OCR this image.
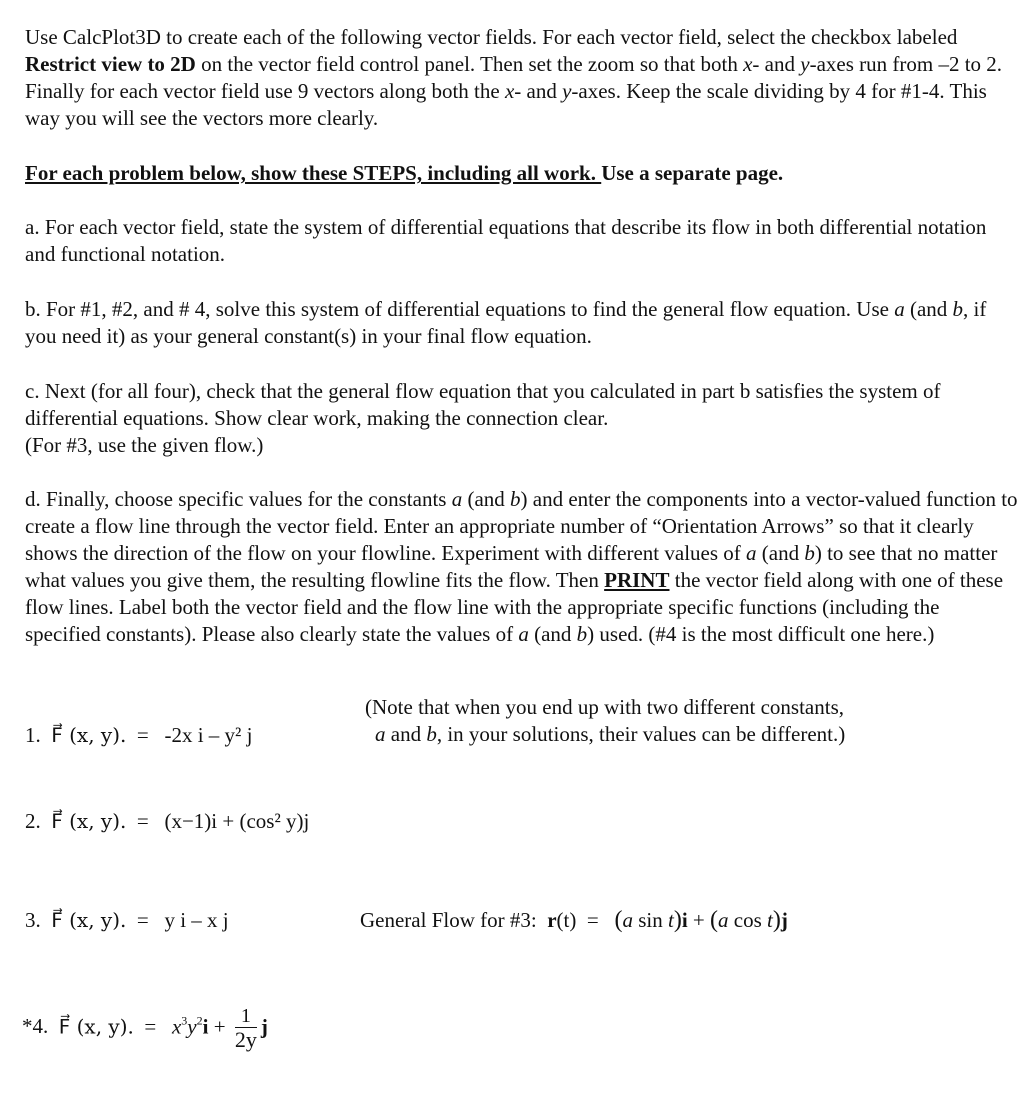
Use CalcPlot3D to create each of the following vector fields. For each vector field, select the checkbox labeled Restrict view to 2D on the vector field control panel. Then set the zoom so that both x- and y-axes run from –2 to 2. Finally for each vector field use 9 vectors along both the x- and y-axes. Keep the scale dividing by 4 for #1-4. This way you will see the vectors more clearly.

For each problem below, show these STEPS, including all work. Use a separate page.

a. For each vector field, state the system of differential equations that describe its flow in both differential notation and functional notation.

b. For #1, #2, and # 4, solve this system of differential equations to find the general flow equation. Use a (and b, if you need it) as your general constant(s) in your final flow equation.

c. Next (for all four), check that the general flow equation that you calculated in part b satisfies the system of differential equations. Show clear work, making the connection clear.
(For #3, use the given flow.)

d. Finally, choose specific values for the constants a (and b) and enter the components into a vector-valued function to create a flow line through the vector field. Enter an appropriate number of “Orientation Arrows” so that it clearly shows the direction of the flow on your flowline. Experiment with different values of a (and b) to see that no matter what values you give them, the resulting flowline fits the flow. Then PRINT the vector field along with one of these flow lines. Label both the vector field and the flow line with the appropriate specific functions (including the specified constants). Please also clearly state the values of a (and b) used. (#4 is the most difficult one here.)

1. F⃗ (x, y).  =   -2x i – y² j
(Note that when you end up with two different constants,
a and b, in your solutions, their values can be different.)
2. F⃗ (x, y).  =   (x−1)i + (cos² y)j
3. F⃗ (x, y).  =   y i – x j	General Flow for #3: r(t)  =   (a sin t)i + (a cos t)j
*4. F⃗ (x, y).  =   $x^3y^2i + \frac{1}{2y}$ j
